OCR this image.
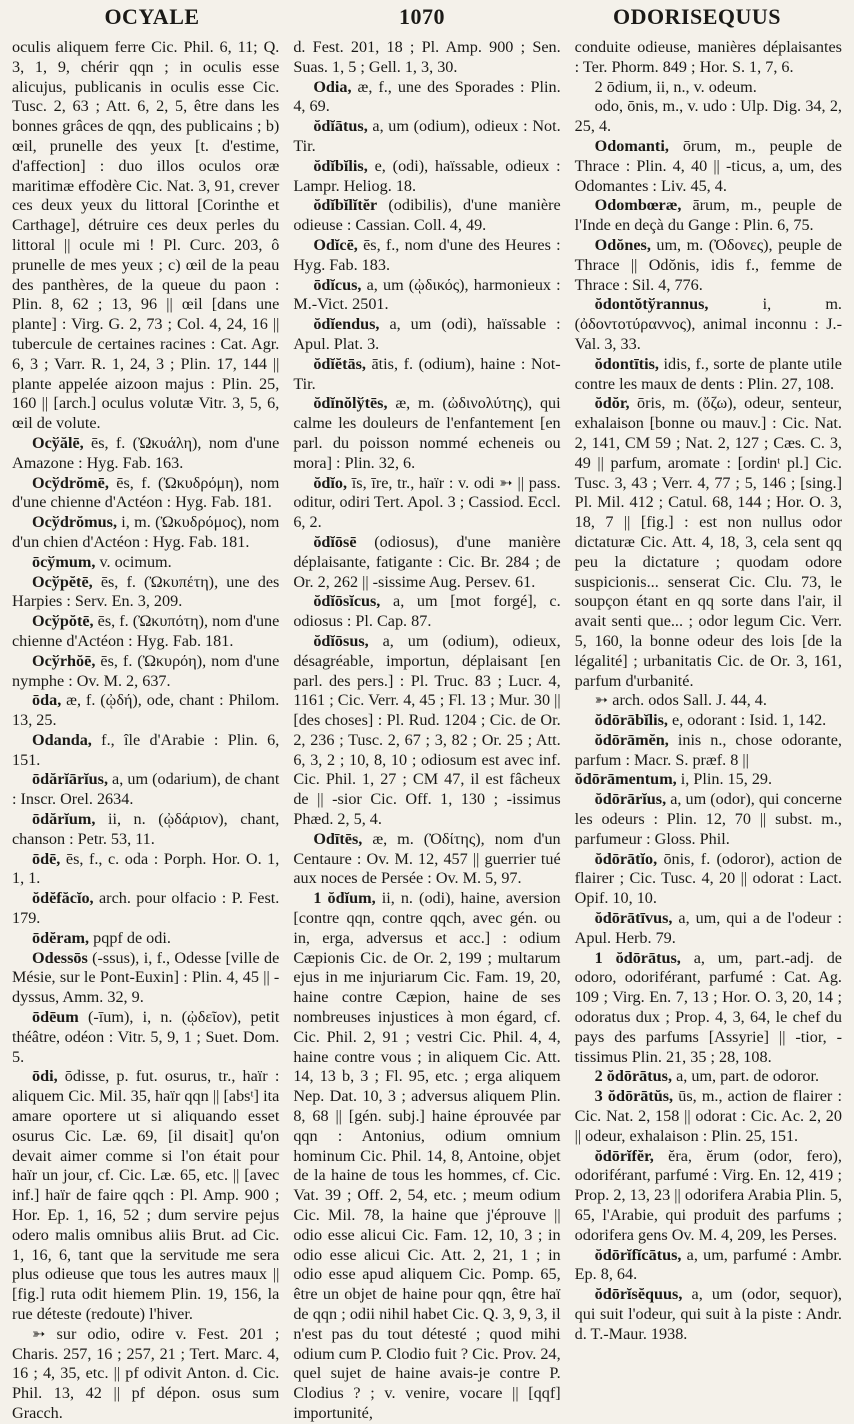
OCYALE	1070	ODORISEQUUS

oculis aliquem ferre Cic. Phil. 6, 11; Q. 3, 1, 9, chérir qqn ; in oculis esse alicujus, publicanis in oculis esse Cic. Tusc. 2, 63 ; Att. 6, 2, 5, être dans les bonnes grâces de qqn, des publicains ; b) œil, prunelle des yeux [t. d'estime, d'affection] : duo illos oculos oræ maritimæ effodère Cic. Nat. 3, 91, crever ces deux yeux du littoral [Corinthe et Carthage], détruire ces deux perles du littoral || ocule mi ! Pl. Curc. 203, ô prunelle de mes yeux ; c) œil de la peau des panthères, de la queue du paon : Plin. 8, 62 ; 13, 96 || œil [dans une plante] : Virg. G. 2, 73 ; Col. 4, 24, 16 || tubercule de certaines racines : Cat. Agr. 6, 3 ; Varr. R. 1, 24, 3 ; Plin. 17, 144 || plante appelée aizoon majus : Plin. 25, 160 || [arch.] oculus volutæ Vitr. 3, 5, 6, œil de volute.

Ocўălē, ēs, f. (Ὠκυάλη), nom d'une Amazone : Hyg. Fab. 163.

Ocўdrŏmē, ēs, f. (Ὠκυδρόμη), nom d'une chienne d'Actéon : Hyg. Fab. 181.

Ocўdrŏmus, i, m. (Ὠκυδρόμος), nom d'un chien d'Actéon : Hyg. Fab. 181.

ōcўmum, v. ocimum.

Ocўpĕtē, ēs, f. (Ὠκυπέτη), une des Harpies : Serv. En. 3, 209.

Ocўpŏtē, ēs, f. (Ὠκυπότη), nom d'une chienne d'Actéon : Hyg. Fab. 181.

Ocўrhŏē, ēs, f. (Ὠκυρόη), nom d'une nymphe : Ov. M. 2, 637.

ōda, æ, f. (ᾠδή), ode, chant : Philom. 13, 25.

Odanda, f., île d'Arabie : Plin. 6, 151.

ōdărĭārĭus, a, um (odarium), de chant : Inscr. Orel. 2634.

ōdărĭum, ii, n. (ᾠδάριον), chant, chanson : Petr. 53, 11.

ōdē, ēs, f., c. oda : Porph. Hor. O. 1, 1, 1.

ŏdĕfăcĭo, arch. pour olfacio : P. Fest. 179.

ōdĕram, pqpf de odi.

Odessōs (-ssus), i, f., Odesse [ville de Mésie, sur le Pont-Euxin] : Plin. 4, 45 || -dyssus, Amm. 32, 9.

ōdēum (-īum), i, n. (ᾠδεῖον), petit théâtre, odéon : Vitr. 5, 9, 1 ; Suet. Dom. 5.

ōdi, ōdisse, p. fut. osurus, tr., haïr : aliquem Cic. Mil. 35, haïr qqn || [absᵗ] ita amare oportere ut si aliquando esset osurus Cic. Læ. 69, [il disait] qu'on devait aimer comme si l'on était pour haïr un jour, cf. Cic. Læ. 65, etc. || [avec inf.] haïr de faire qqch : Pl. Amp. 900 ; Hor. Ep. 1, 16, 52 ; dum servire pejus odero malis omnibus aliis Brut. ad Cic. 1, 16, 6, tant que la servitude me sera plus odieuse que tous les autres maux || [fig.] ruta odit hiemem Plin. 19, 156, la rue déteste (redoute) l'hiver.

➳ sur odio, odire v. Fest. 201 ; Charis. 257, 16 ; 257, 21 ; Tert. Marc. 4, 16 ; 4, 35, etc. || pf odivit Anton. d. Cic. Phil. 13, 42 || pf dépon. osus sum Gracch.

d. Fest. 201, 18 ; Pl. Amp. 900 ; Sen. Suas. 1, 5 ; Gell. 1, 3, 30.

Odia, æ, f., une des Sporades : Plin. 4, 69.

ŏdĭātus, a, um (odium), odieux : Not. Tir.

ŏdĭbĭlis, e, (odi), haïssable, odieux : Lampr. Heliog. 18.

ŏdĭbĭlĭtĕr (odibilis), d'une manière odieuse : Cassian. Coll. 4, 49.

Odĭcē, ēs, f., nom d'une des Heures : Hyg. Fab. 183.

ōdĭcus, a, um (ᾠδικός), harmonieux : M.-Vict. 2501.

ŏdĭendus, a, um (odi), haïssable : Apul. Plat. 3.

ŏdĭĕtās, ātis, f. (odium), haine : Not-Tir.

ŏdĭnŏlўtēs, æ, m. (ὠδινολύτης), qui calme les douleurs de l'enfantement [en parl. du poisson nommé echeneis ou mora] : Plin. 32, 6.

ŏdĭo, īs, īre, tr., haïr : v. odi ➳ || pass. oditur, odiri Tert. Apol. 3 ; Cassiod. Eccl. 6, 2.

ŏdĭōsē (odiosus), d'une manière déplaisante, fatigante : Cic. Br. 284 ; de Or. 2, 262 || -sissime Aug. Persev. 61.

ŏdĭōsĭcus, a, um [mot forgé], c. odiosus : Pl. Cap. 87.

ŏdĭōsus, a, um (odium), odieux, désagréable, importun, déplaisant [en parl. des pers.] : Pl. Truc. 83 ; Lucr. 4, 1161 ; Cic. Verr. 4, 45 ; Fl. 13 ; Mur. 30 || [des choses] : Pl. Rud. 1204 ; Cic. de Or. 2, 236 ; Tusc. 2, 67 ; 3, 82 ; Or. 25 ; Att. 6, 3, 2 ; 10, 8, 10 ; odiosum est avec inf. Cic. Phil. 1, 27 ; CM 47, il est fâcheux de || -sior Cic. Off. 1, 130 ; -issimus Phæd. 2, 5, 4.

Odītēs, æ, m. (Ὀδίτης), nom d'un Centaure : Ov. M. 12, 457 || guerrier tué aux noces de Persée : Ov. M. 5, 97.

1 ŏdĭum, ii, n. (odi), haine, aversion [contre qqn, contre qqch, avec gén. ou in, erga, adversus et acc.] : odium Cæpionis Cic. de Or. 2, 199 ; multarum ejus in me injuriarum Cic. Fam. 19, 20, haine contre Cæpion, haine de ses nombreuses injustices à mon égard, cf. Cic. Phil. 2, 91 ; vestri Cic. Phil. 4, 4, haine contre vous ; in aliquem Cic. Att. 14, 13 b, 3 ; Fl. 95, etc. ; erga aliquem Nep. Dat. 10, 3 ; adversus aliquem Plin. 8, 68 || [gén. subj.] haine éprouvée par qqn : Antonius, odium omnium hominum Cic. Phil. 14, 8, Antoine, objet de la haine de tous les hommes, cf. Cic. Vat. 39 ; Off. 2, 54, etc. ; meum odium Cic. Mil. 78, la haine que j'éprouve || odio esse alicui Cic. Fam. 12, 10, 3 ; in odio esse alicui Cic. Att. 2, 21, 1 ; in odio esse apud aliquem Cic. Pomp. 65, être un objet de haine pour qqn, être haï de qqn ; odii nihil habet Cic. Q. 3, 9, 3, il n'est pas du tout détesté ; quod mihi odium cum P. Clodio fuit ? Cic. Prov. 24, quel sujet de haine avais-je contre P. Clodius ? ; v. venire, vocare || [qqf] importunité,

conduite odieuse, manières déplaisantes : Ter. Phorm. 849 ; Hor. S. 1, 7, 6.

2 ōdium, ii, n., v. odeum.

odo, ōnis, m., v. udo : Ulp. Dig. 34, 2, 25, 4.

Odomanti, ōrum, m., peuple de Thrace : Plin. 4, 40 || -ticus, a, um, des Odomantes : Liv. 45, 4.

Odombœræ, ārum, m., peuple de l'Inde en deçà du Gange : Plin. 6, 75.

Odŏnes, um, m. (Ὀδονες), peuple de Thrace || Odŏnis, idis f., femme de Thrace : Sil. 4, 776.

ŏdontŏtўrannus, i, m. (ὀδοντοτύραννος), animal inconnu : J.-Val. 3, 33.

ŏdontītis, idis, f., sorte de plante utile contre les maux de dents : Plin. 27, 108.

ŏdŏr, ōris, m. (ὄζω), odeur, senteur, exhalaison [bonne ou mauv.] : Cic. Nat. 2, 141, CM 59 ; Nat. 2, 127 ; Cæs. C. 3, 49 || parfum, aromate : [ordinᵗ pl.] Cic. Tusc. 3, 43 ; Verr. 4, 77 ; 5, 146 ; [sing.] Pl. Mil. 412 ; Catul. 68, 144 ; Hor. O. 3, 18, 7 || [fig.] : est non nullus odor dictaturæ Cic. Att. 4, 18, 3, cela sent qq peu la dictature ; quodam odore suspicionis... senserat Cic. Clu. 73, le soupçon étant en qq sorte dans l'air, il avait senti que... ; odor legum Cic. Verr. 5, 160, la bonne odeur des lois [de la légalité] ; urbanitatis Cic. de Or. 3, 161, parfum d'urbanité.

➳ arch. odos Sall. J. 44, 4.

ŏdōrābĭlis, e, odorant : Isid. 1, 142.

ŏdōrāmĕn, inis n., chose odorante, parfum : Macr. S. præf. 8 ||

ŏdōrāmentum, i, Plin. 15, 29.

ŏdōrārĭus, a, um (odor), qui concerne les odeurs : Plin. 12, 70 || subst. m., parfumeur : Gloss. Phil.

ŏdōrātĭo, ōnis, f. (odoror), action de flairer ; Cic. Tusc. 4, 20 || odorat : Lact. Opif. 10, 10.

ŏdōrātīvus, a, um, qui a de l'odeur : Apul. Herb. 79.

1 ŏdōrātus, a, um, part.-adj. de odoro, odoriférant, parfumé : Cat. Ag. 109 ; Virg. En. 7, 13 ; Hor. O. 3, 20, 14 ; odoratus dux ; Prop. 4, 3, 64, le chef du pays des parfums [Assyrie] || -tior, -tissimus Plin. 21, 35 ; 28, 108.

2 ŏdōrātus, a, um, part. de odoror.

3 ŏdōrātŭs, ūs, m., action de flairer : Cic. Nat. 2, 158 || odorat : Cic. Ac. 2, 20 || odeur, exhalaison : Plin. 25, 151.

ŏdōrĭfĕr, ĕra, ĕrum (odor, fero), odoriférant, parfumé : Virg. En. 12, 419 ; Prop. 2, 13, 23 || odorifera Arabia Plin. 5, 65, l'Arabie, qui produit des parfums ; odorifera gens Ov. M. 4, 209, les Perses.

ŏdōrĭfĭcātus, a, um, parfumé : Ambr. Ep. 8, 64.

ŏdōrĭsĕquus, a, um (odor, sequor), qui suit l'odeur, qui suit à la piste : Andr. d. T.-Maur. 1938.
